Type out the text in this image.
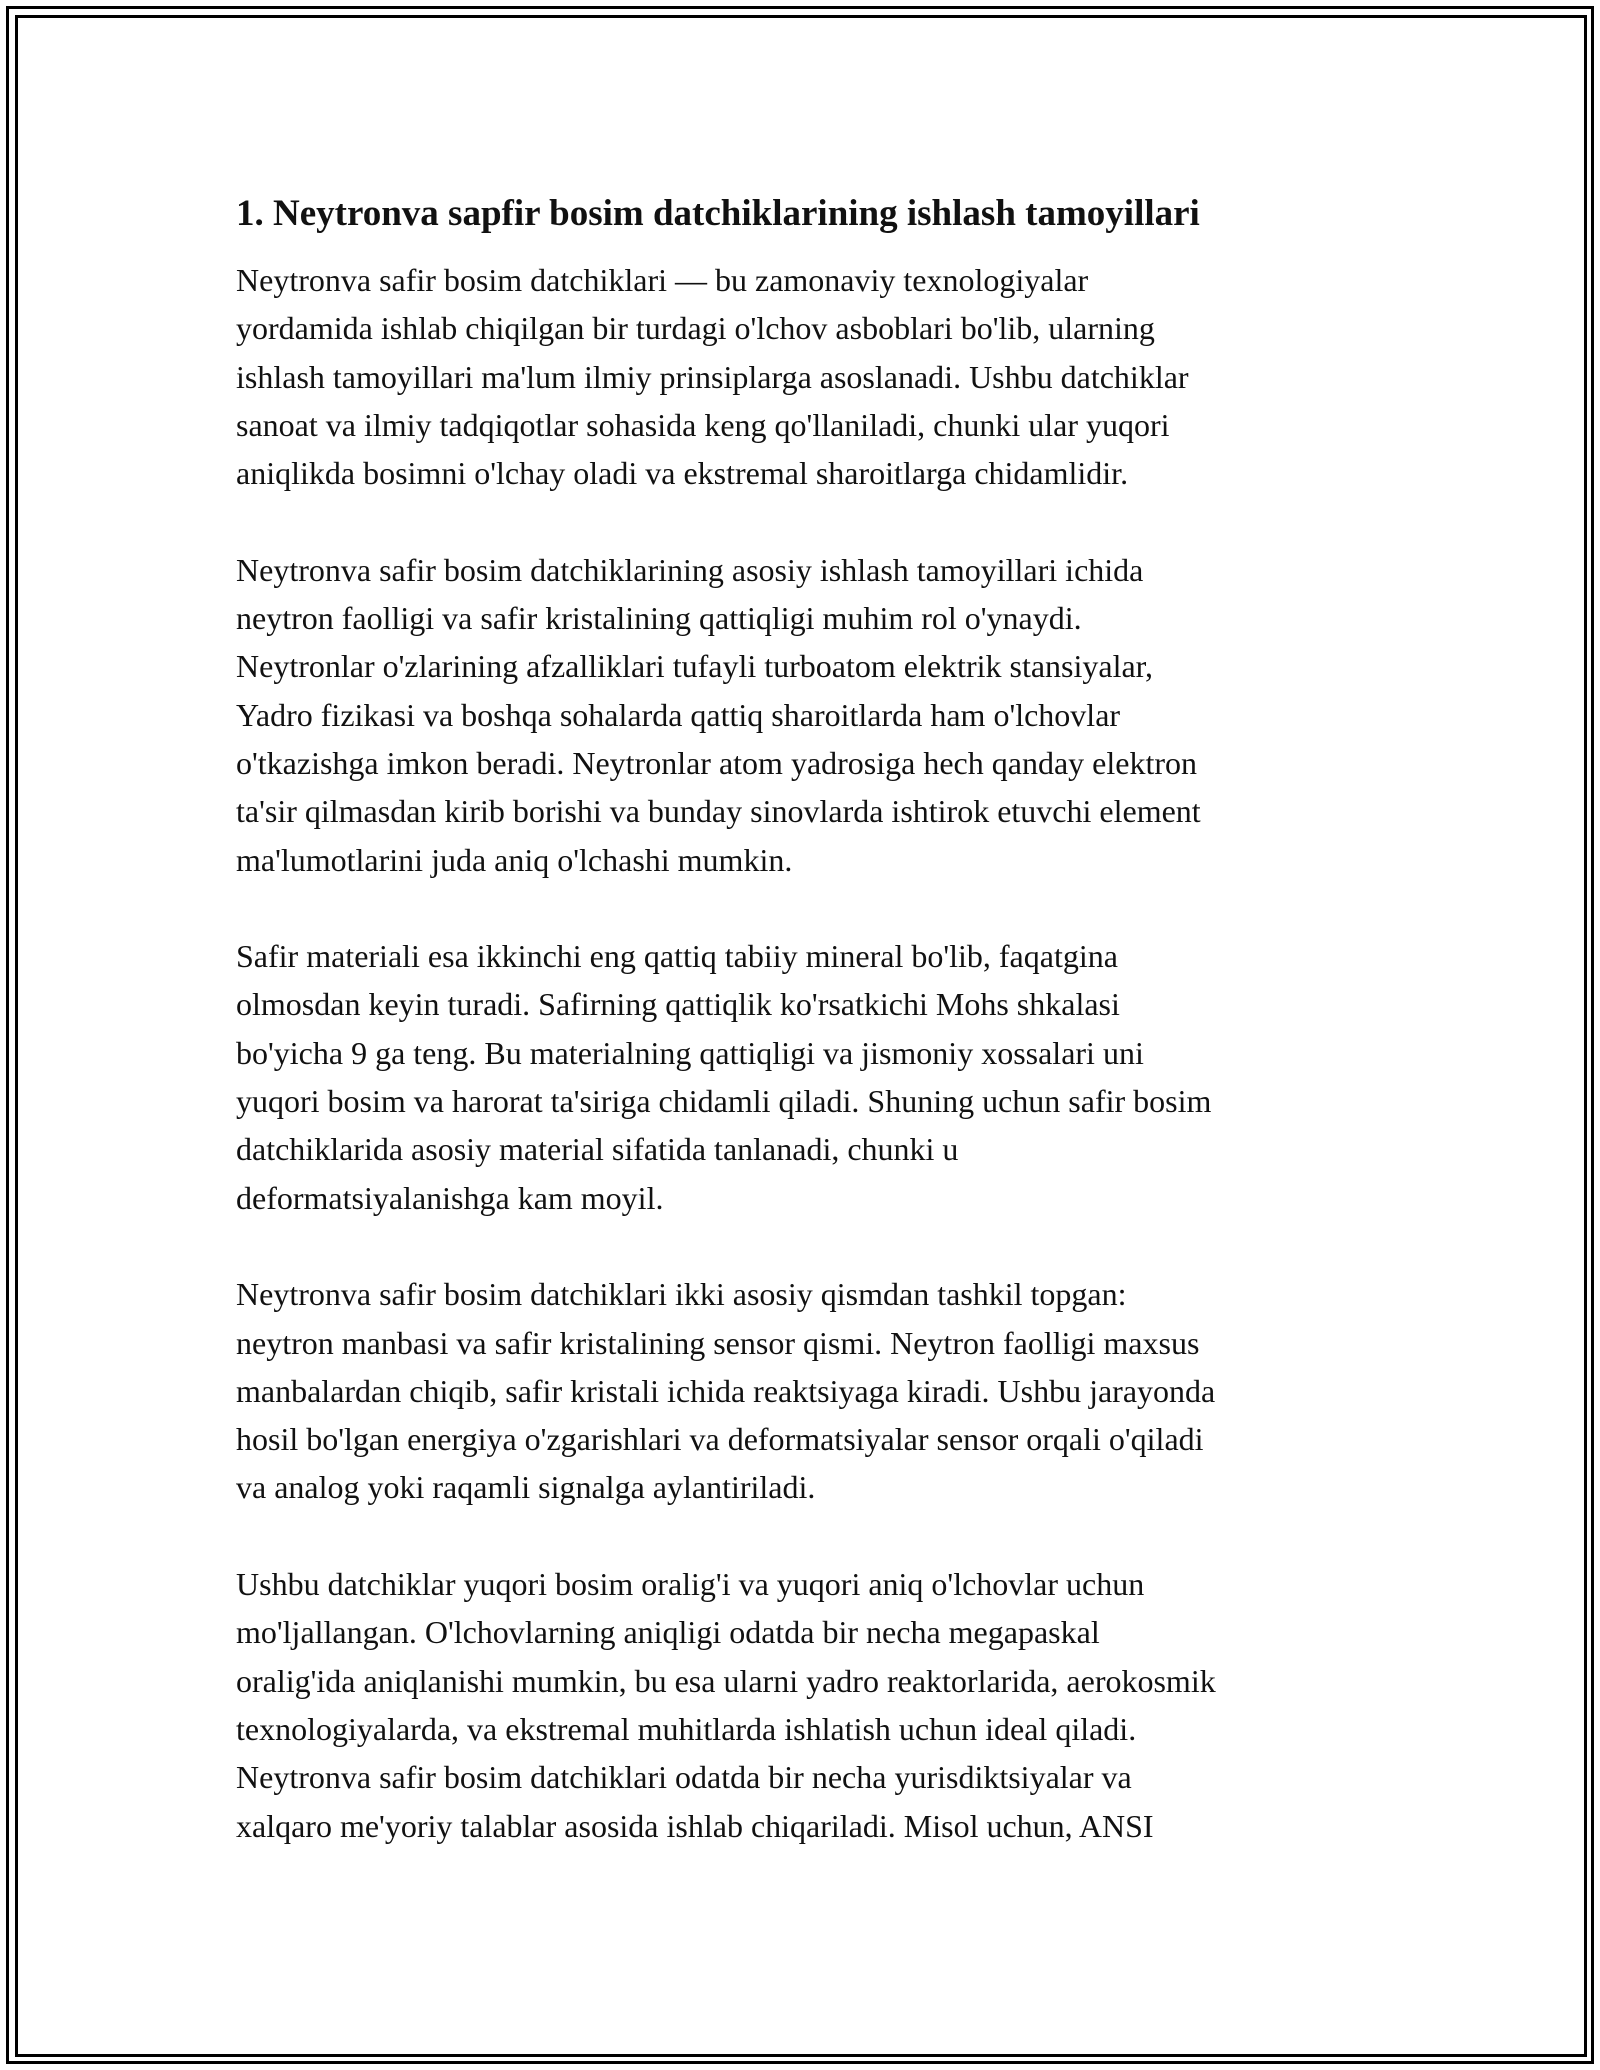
1. Neytronva sapfir bosim datchiklarining ishlash tamoyillari

Neytronva safir bosim datchiklari — bu zamonaviy texnologiyalar
yordamida ishlab chiqilgan bir turdagi o'lchov asboblari bo'lib, ularning
ishlash tamoyillari ma'lum ilmiy prinsiplarga asoslanadi. Ushbu datchiklar
sanoat va ilmiy tadqiqotlar sohasida keng qo'llaniladi, chunki ular yuqori
aniqlikda bosimni o'lchay oladi va ekstremal sharoitlarga chidamlidir.

Neytronva safir bosim datchiklarining asosiy ishlash tamoyillari ichida
neytron faolligi va safir kristalining qattiqligi muhim rol o'ynaydi.
Neytronlar o'zlarining afzalliklari tufayli turboatom elektrik stansiyalar,
Yadro fizikasi va boshqa sohalarda qattiq sharoitlarda ham o'lchovlar
o'tkazishga imkon beradi. Neytronlar atom yadrosiga hech qanday elektron
ta'sir qilmasdan kirib borishi va bunday sinovlarda ishtirok etuvchi element
ma'lumotlarini juda aniq o'lchashi mumkin.

Safir materiali esa ikkinchi eng qattiq tabiiy mineral bo'lib, faqatgina
olmosdan keyin turadi. Safirning qattiqlik ko'rsatkichi Mohs shkalasi
bo'yicha 9 ga teng. Bu materialning qattiqligi va jismoniy xossalari uni
yuqori bosim va harorat ta'siriga chidamli qiladi. Shuning uchun safir bosim
datchiklarida asosiy material sifatida tanlanadi, chunki u
deformatsiyalanishga kam moyil.

Neytronva safir bosim datchiklari ikki asosiy qismdan tashkil topgan:
neytron manbasi va safir kristalining sensor qismi. Neytron faolligi maxsus
manbalardan chiqib, safir kristali ichida reaktsiyaga kiradi. Ushbu jarayonda
hosil bo'lgan energiya o'zgarishlari va deformatsiyalar sensor orqali o'qiladi
va analog yoki raqamli signalga aylantiriladi.

Ushbu datchiklar yuqori bosim oralig'i va yuqori aniq o'lchovlar uchun
mo'ljallangan. O'lchovlarning aniqligi odatda bir necha megapaskal
oralig'ida aniqlanishi mumkin, bu esa ularni yadro reaktorlarida, aerokosmik
texnologiyalarda, va ekstremal muhitlarda ishlatish uchun ideal qiladi.
Neytronva safir bosim datchiklari odatda bir necha yurisdiktsiyalar va
xalqaro me'yoriy talablar asosida ishlab chiqariladi. Misol uchun, ANSI
